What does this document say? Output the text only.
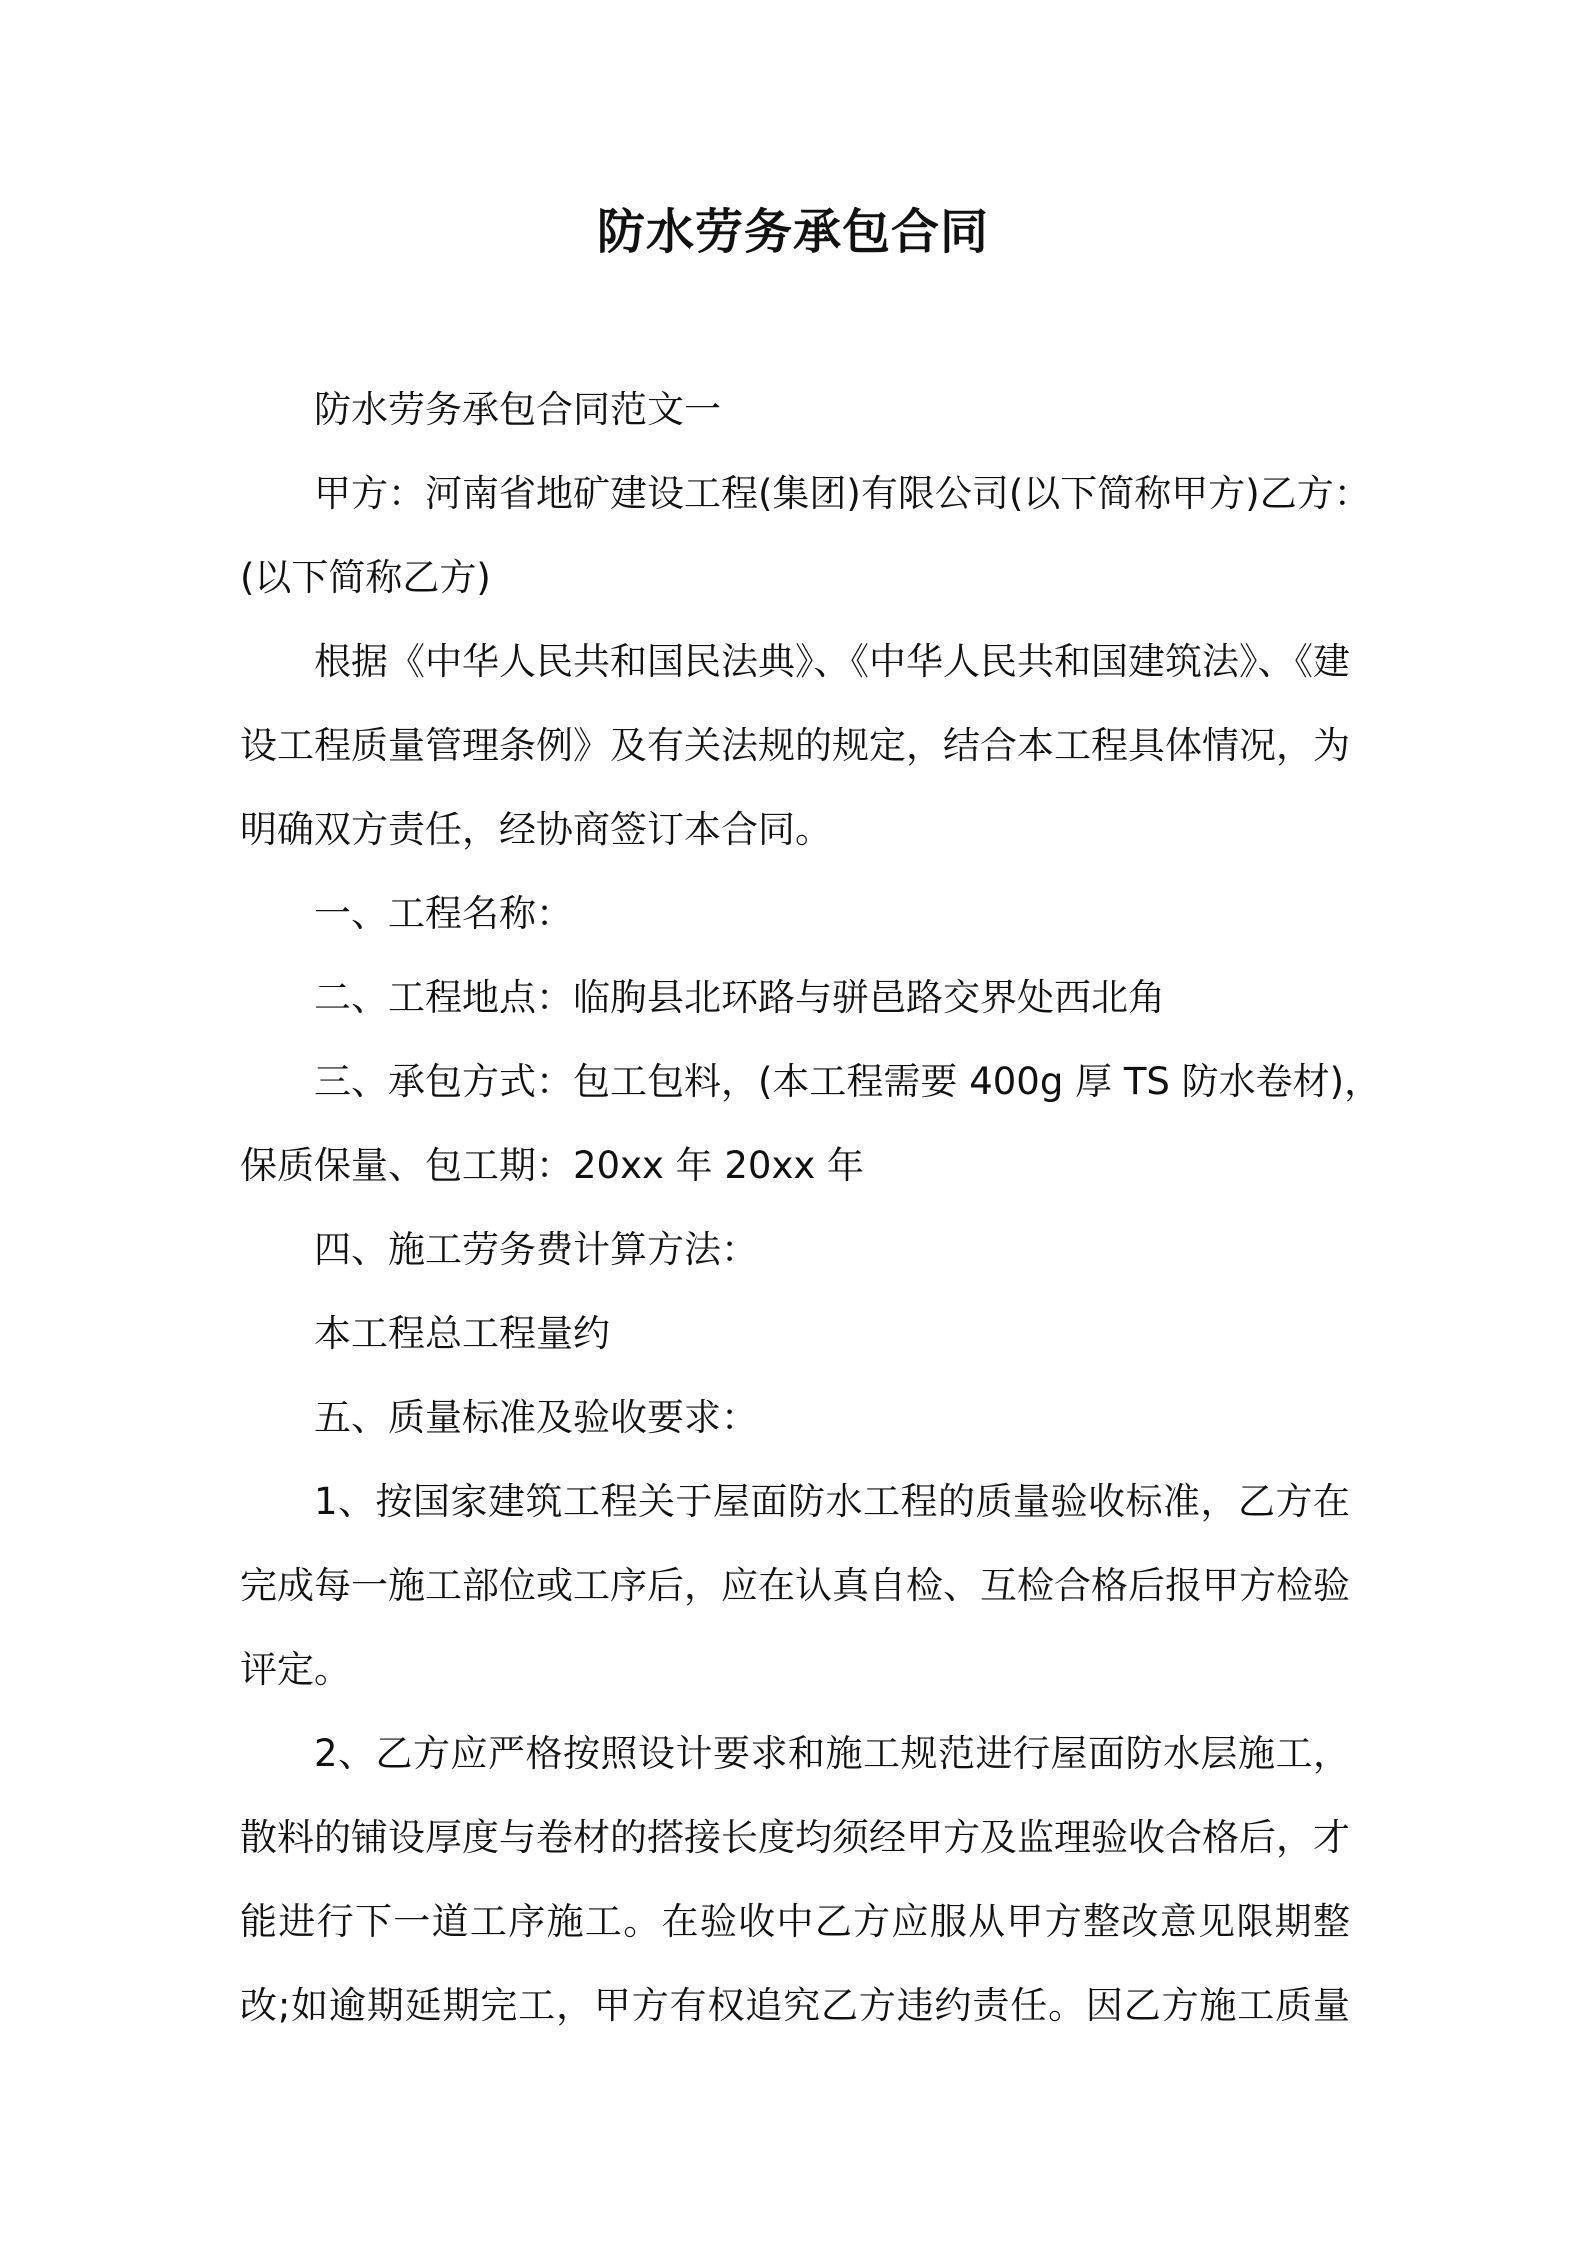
防水劳务承包合同
防水劳务承包合同范文一
甲方：河南省地矿建设工程(集团)有限公司(以下简称甲方)乙方：
(以下简称乙方)
根据《中华人民共和国民法典》、《中华人民共和国建筑法》、《建
设工程质量管理条例》及有关法规的规定，结合本工程具体情况，为
明确双方责任，经协商签订本合同。
一、工程名称：
二、工程地点：临朐县北环路与骈邑路交界处西北角
三、承包方式：包工包料，(本工程需要 400g 厚 TS 防水卷材)，
保质保量、包工期：20xx 年 20xx 年
四、施工劳务费计算方法：
本工程总工程量约
五、质量标准及验收要求：
1、按国家建筑工程关于屋面防水工程的质量验收标准，乙方在
完成每一施工部位或工序后，应在认真自检、互检合格后报甲方检验
评定。
2、乙方应严格按照设计要求和施工规范进行屋面防水层施工，
散料的铺设厚度与卷材的搭接长度均须经甲方及监理验收合格后，才
能进行下一道工序施工。在验收中乙方应服从甲方整改意见限期整
改;如逾期延期完工，甲方有权追究乙方违约责任。因乙方施工质量
